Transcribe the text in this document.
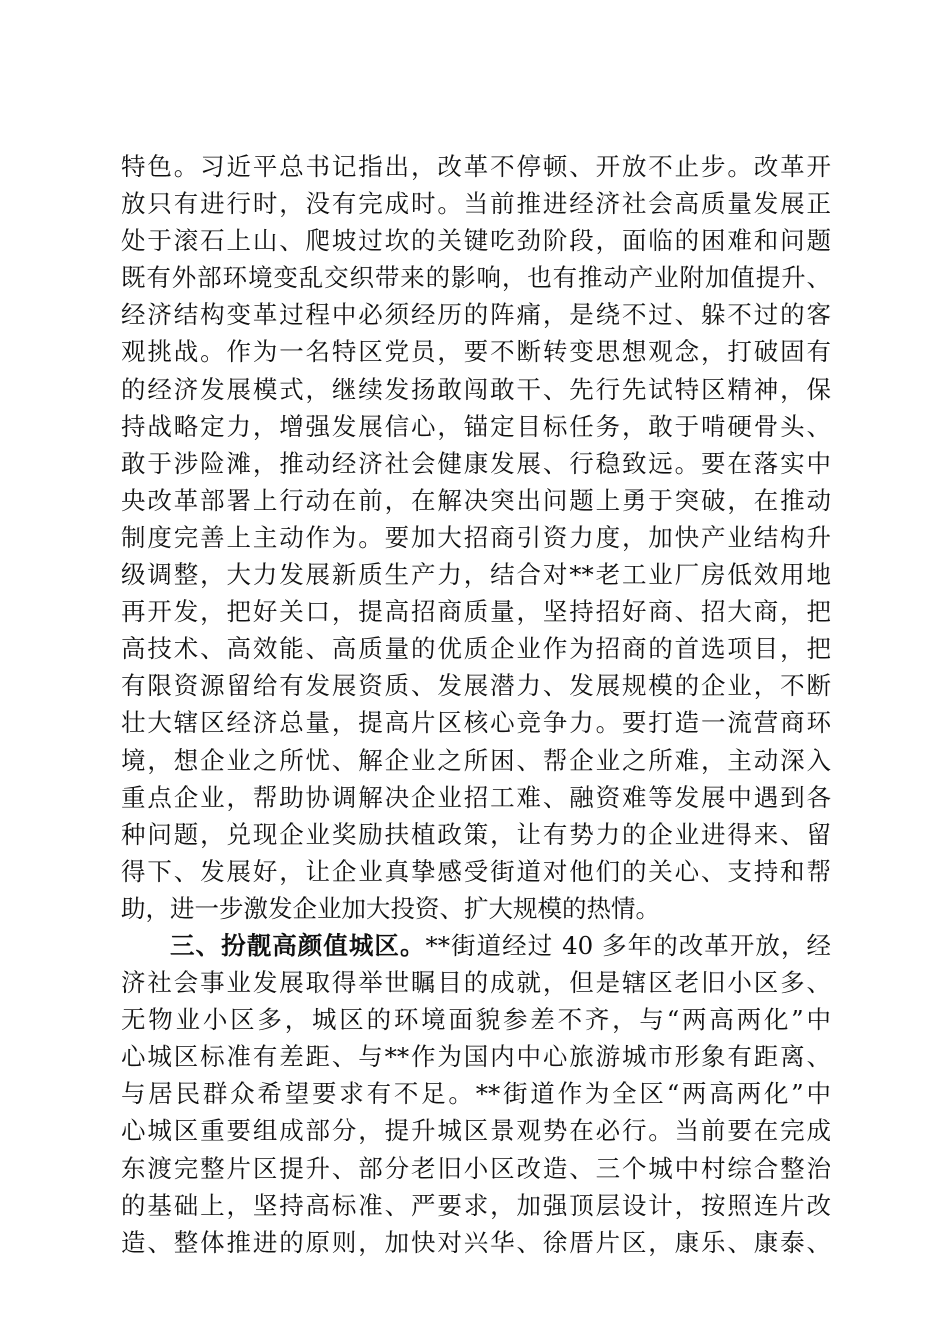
特色。习近平总书记指出，改革不停顿、开放不止步。改革开
放只有进行时，没有完成时。当前推进经济社会高质量发展正
处于滚石上山、爬坡过坎的关键吃劲阶段，面临的困难和问题
既有外部环境变乱交织带来的影响，也有推动产业附加值提升、
经济结构变革过程中必须经历的阵痛，是绕不过、躲不过的客
观挑战。作为一名特区党员，要不断转变思想观念，打破固有
的经济发展模式，继续发扬敢闯敢干、先行先试特区精神，保
持战略定力，增强发展信心，锚定目标任务，敢于啃硬骨头、
敢于涉险滩，推动经济社会健康发展、行稳致远。要在落实中
央改革部署上行动在前，在解决突出问题上勇于突破，在推动
制度完善上主动作为。要加大招商引资力度，加快产业结构升
级调整，大力发展新质生产力，结合对**老工业厂房低效用地
再开发，把好关口，提高招商质量，坚持招好商、招大商，把
高技术、高效能、高质量的优质企业作为招商的首选项目，把
有限资源留给有发展资质、发展潜力、发展规模的企业，不断
壮大辖区经济总量，提高片区核心竞争力。要打造一流营商环
境，想企业之所忧、解企业之所困、帮企业之所难，主动深入
重点企业，帮助协调解决企业招工难、融资难等发展中遇到各
种问题，兑现企业奖励扶植政策，让有势力的企业进得来、留
得下、发展好，让企业真挚感受街道对他们的关心、支持和帮
助，进一步激发企业加大投资、扩大规模的热情。
三、扮靓高颜值城区。**街道经过 40 多年的改革开放，经
济社会事业发展取得举世瞩目的成就，但是辖区老旧小区多、
无物业小区多，城区的环境面貌参差不齐，与“两高两化”中
心城区标准有差距、与**作为国内中心旅游城市形象有距离、
与居民群众希望要求有不足。**街道作为全区“两高两化”中
心城区重要组成部分，提升城区景观势在必行。当前要在完成
东渡完整片区提升、部分老旧小区改造、三个城中村综合整治
的基础上，坚持高标准、严要求，加强顶层设计，按照连片改
造、整体推进的原则，加快对兴华、徐厝片区，康乐、康泰、
